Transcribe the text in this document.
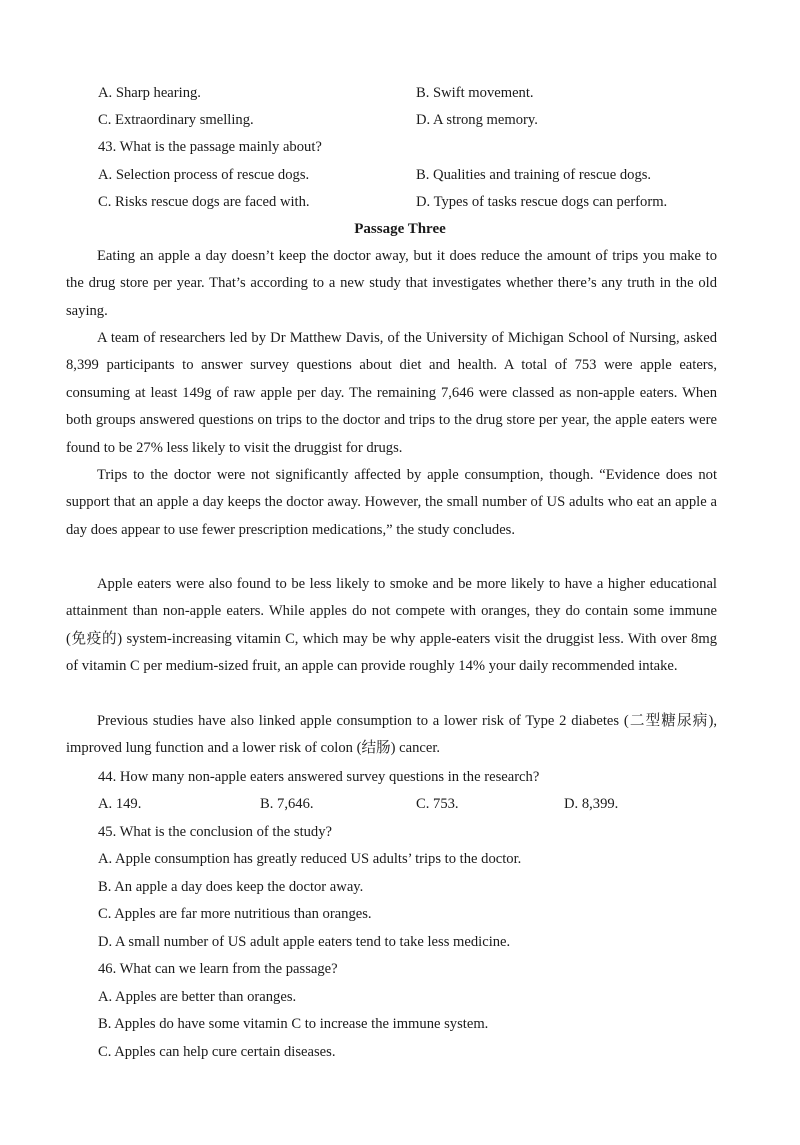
A. Sharp hearing.	B. Swift movement.
C. Extraordinary smelling.	D. A strong memory.
43. What is the passage mainly about?
A. Selection process of rescue dogs.	B. Qualities and training of rescue dogs.
C. Risks rescue dogs are faced with.	D. Types of tasks rescue dogs can perform.
Passage Three

Eating an apple a day doesn’t keep the doctor away, but it does reduce the amount of trips you make to the drug store per year. That’s according to a new study that investigates whether there’s any truth in the old saying.

A team of researchers led by Dr Matthew Davis, of the University of Michigan School of Nursing, asked 8,399 participants to answer survey questions about diet and health. A total of 753 were apple eaters, consuming at least 149g of raw apple per day. The remaining 7,646 were classed as non-apple eaters. When both groups answered questions on trips to the doctor and trips to the drug store per year, the apple eaters were found to be 27% less likely to visit the druggist for drugs.

Trips to the doctor were not significantly affected by apple consumption, though. “Evidence does not support that an apple a day keeps the doctor away. However, the small number of US adults who eat an apple a day does appear to use fewer prescription medications,” the study concludes.

Apple eaters were also found to be less likely to smoke and be more likely to have a higher educational attainment than non-apple eaters. While apples do not compete with oranges, they do contain some immune (免疫的) system-increasing vitamin C, which may be why apple-eaters visit the druggist less. With over 8mg of vitamin C per medium-sized fruit, an apple can provide roughly 14% your daily recommended intake.

Previous studies have also linked apple consumption to a lower risk of Type 2 diabetes (二型糖尿病), improved lung function and a lower risk of colon (结肠) cancer.

44. How many non-apple eaters answered survey questions in the research?
A. 149.	B. 7,646.	C. 753.	D. 8,399.
45. What is the conclusion of the study?
A. Apple consumption has greatly reduced US adults’ trips to the doctor.
B. An apple a day does keep the doctor away.
C. Apples are far more nutritious than oranges.
D. A small number of US adult apple eaters tend to take less medicine.
46. What can we learn from the passage?
A. Apples are better than oranges.
B. Apples do have some vitamin C to increase the immune system.
C. Apples can help cure certain diseases.
